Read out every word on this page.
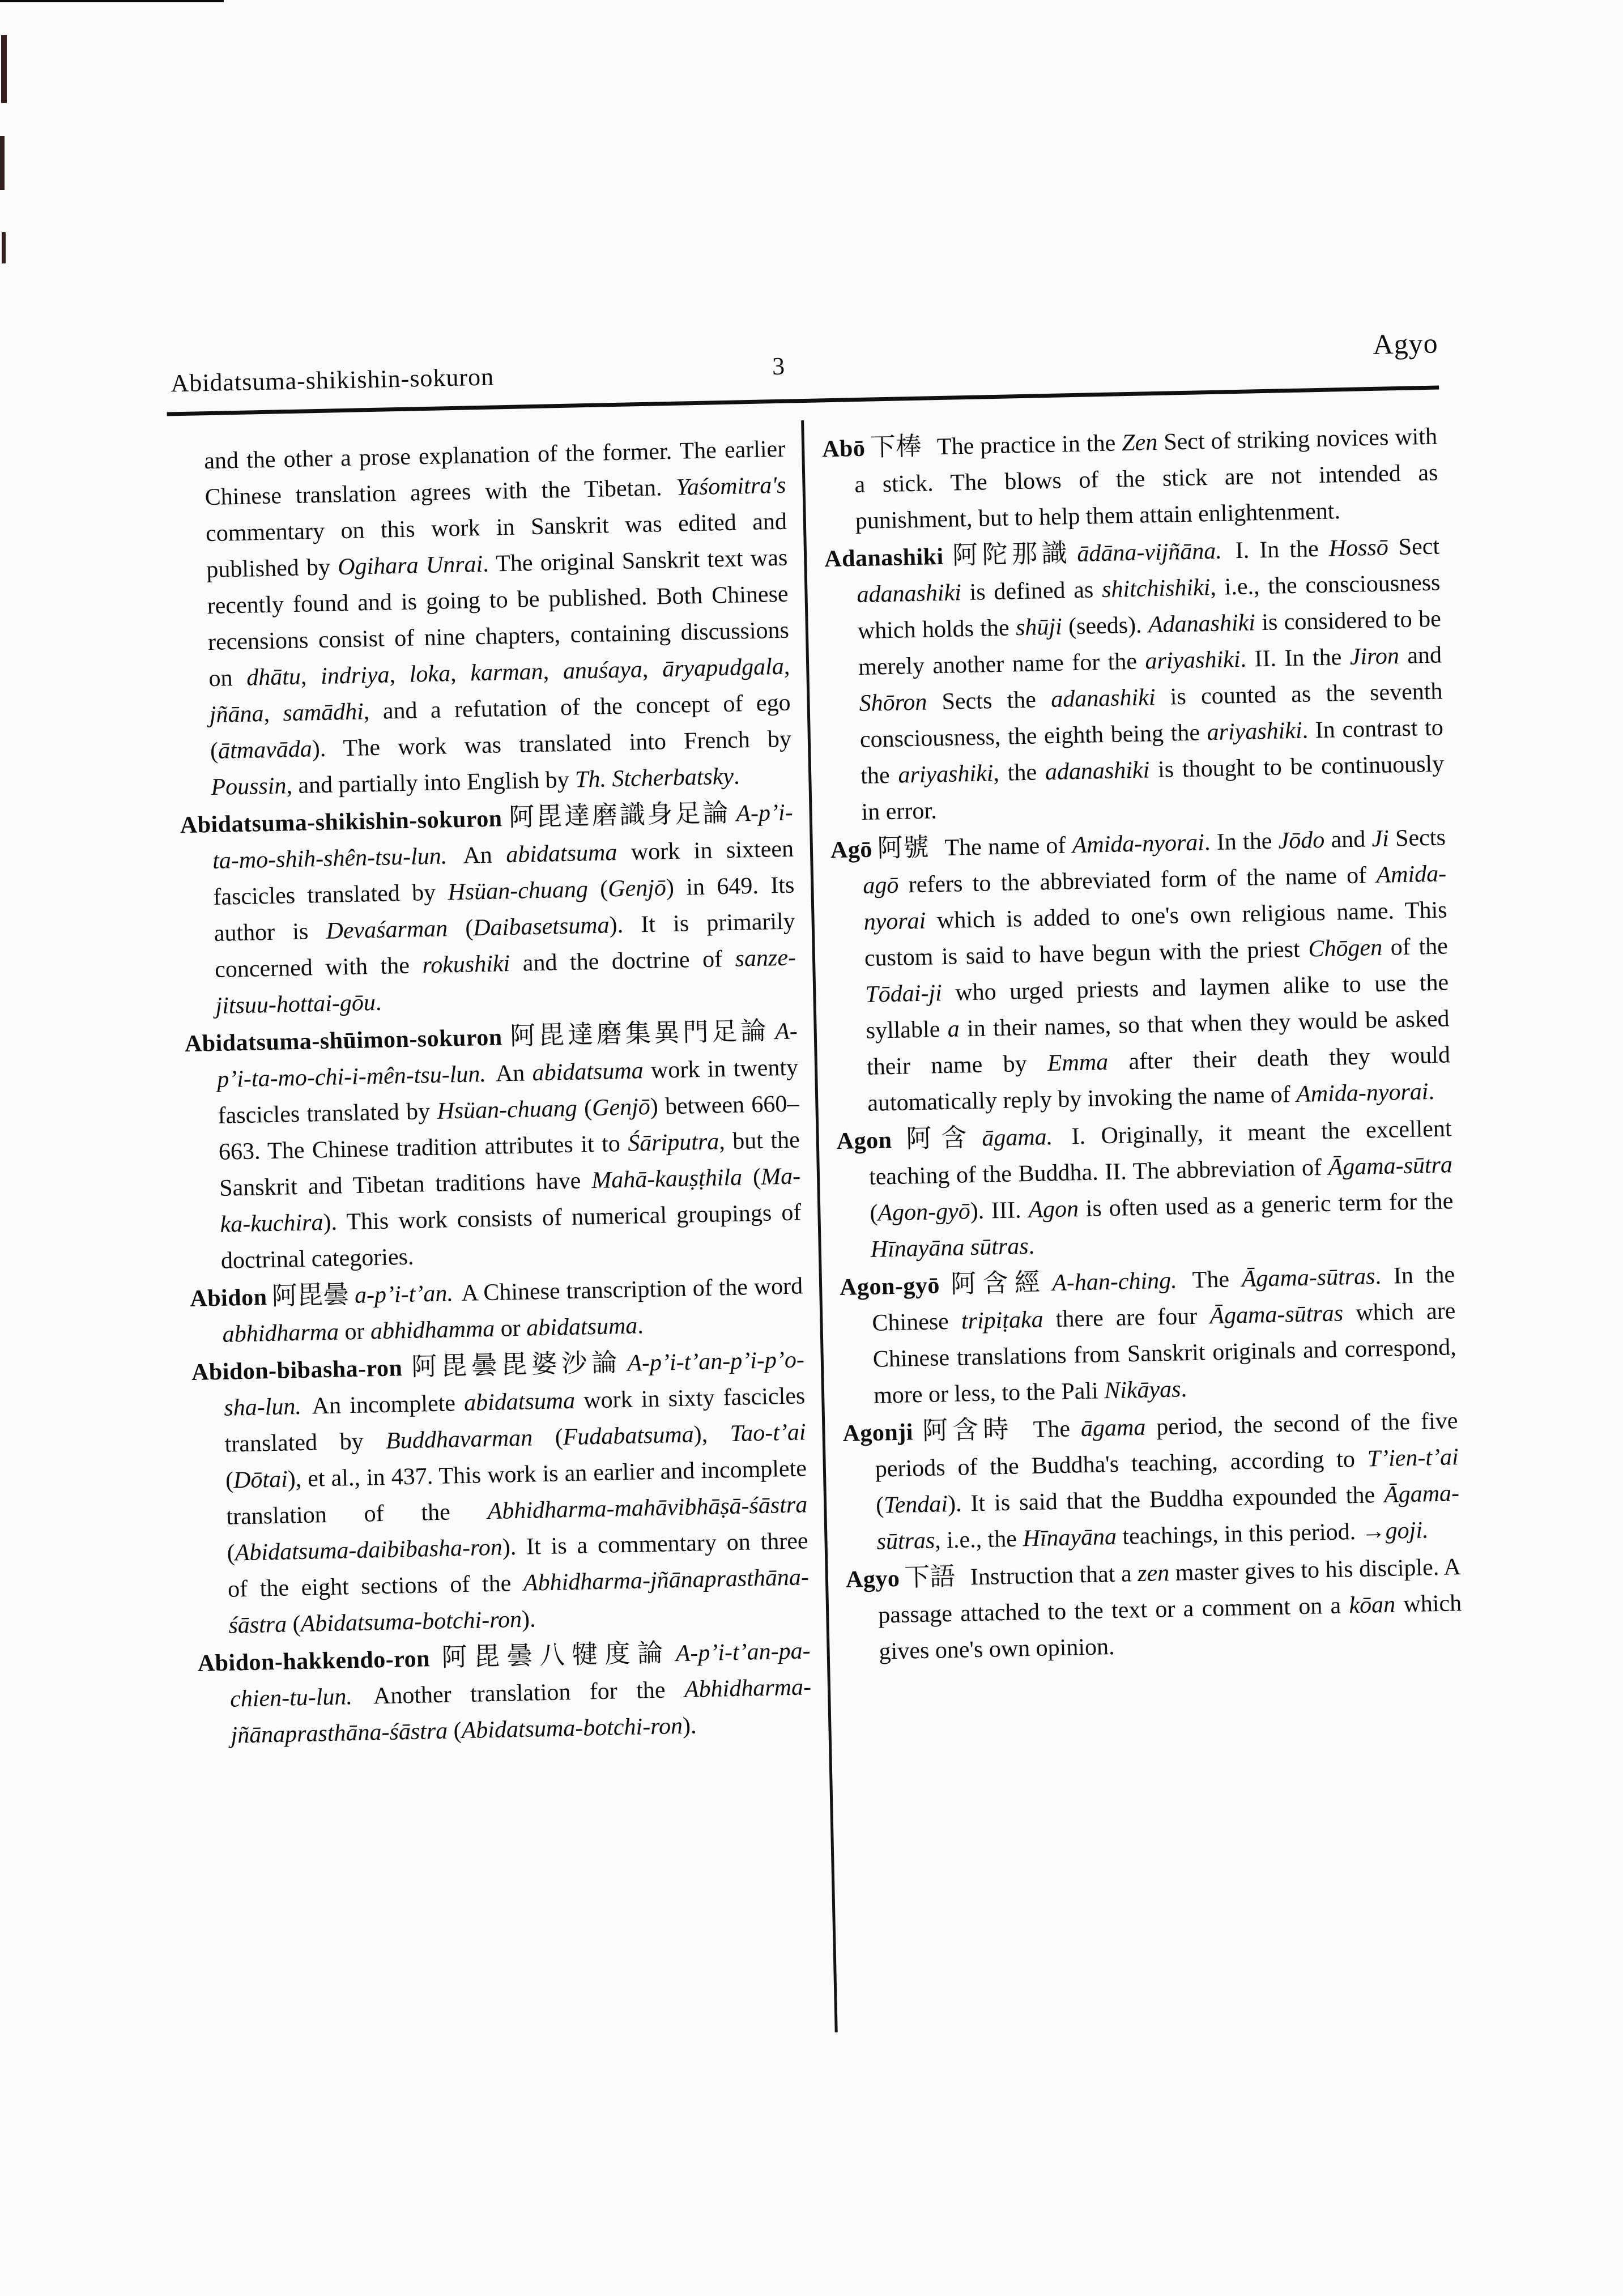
Abidatsuma-shikishin-sokuron	3
Agyo

and the other a prose explanation of the former. The earlier Chinese translation agrees with the Tibetan. Yaśomitra's commentary on this work in Sanskrit was edited and published by Ogihara Unrai. The original Sanskrit text was recently found and is going to be published. Both Chinese recensions consist of nine chapters, containing discussions on dhātu, indriya, loka, karman, anuśaya, āryapudgala, jñāna, samādhi, and a refutation of the concept of ego (ātmavāda). The work was translated into French by Poussin, and partially into English by Th. Stcherbatsky.

Abidatsuma-shikishin-sokuron 阿毘達磨識身足論 A-p’i-ta-mo-shih-shên-tsu-lun. An abidatsuma work in sixteen fascicles translated by Hsüan-chuang (Genjō) in 649. Its author is Devaśarman (Daibasetsuma). It is primarily concerned with the rokushiki and the doctrine of sanze-jitsuu-hottai-gōu.

Abidatsuma-shūimon-sokuron 阿毘達磨集異門足論 A-p’i-ta-mo-chi-i-mên-tsu-lun. An abidatsuma work in twenty fascicles translated by Hsüan-chuang (Genjō) between 660–663. The Chinese tradition attributes it to Śāriputra, but the Sanskrit and Tibetan traditions have Mahā-kauṣṭhila (Ma-ka-kuchira). This work consists of numerical groupings of doctrinal categories.

Abidon 阿毘曇 a-p’i-t’an. A Chinese transcription of the word abhidharma or abhidhamma or abidatsuma.

Abidon-bibasha-ron 阿毘曇毘婆沙論 A-p’i-t’an-p’i-p’o-sha-lun. An incomplete abidatsuma work in sixty fascicles translated by Buddhavarman (Fudabatsuma), Tao-t’ai (Dōtai), et al., in 437. This work is an earlier and incomplete translation of the Abhidharma-mahāvibhāṣā-śāstra (Abidatsuma-daibibasha-ron). It is a commentary on three of the eight sections of the Abhidharma-jñānaprasthāna-śāstra (Abidatsuma-botchi-ron).

Abidon-hakkendo-ron 阿毘曇八犍度論 A-p’i-t’an-pa-chien-tu-lun. Another translation for the Abhidharma-jñānaprasthāna-śāstra (Abidatsuma-botchi-ron).

Abō 下棒 The practice in the Zen Sect of striking novices with a stick. The blows of the stick are not intended as punishment, but to help them attain enlightenment.

Adanashiki 阿陀那識 ādāna-vijñāna. I. In the Hossō Sect adanashiki is defined as shitchishiki, i.e., the consciousness which holds the shūji (seeds). Adanashiki is considered to be merely another name for the ariyashiki. II. In the Jiron and Shōron Sects the adanashiki is counted as the seventh consciousness, the eighth being the ariyashiki. In contrast to the ariyashiki, the adanashiki is thought to be continuously in error.

Agō 阿號 The name of Amida-nyorai. In the Jōdo and Ji Sects agō refers to the abbreviated form of the name of Amida-nyorai which is added to one's own religious name. This custom is said to have begun with the priest Chōgen of the Tōdai-ji who urged priests and laymen alike to use the syllable a in their names, so that when they would be asked their name by Emma after their death they would automatically reply by invoking the name of Amida-nyorai.

Agon 阿含 āgama. I. Originally, it meant the excellent teaching of the Buddha. II. The abbreviation of Āgama-sūtra (Agon-gyō). III. Agon is often used as a generic term for the Hīnayāna sūtras.

Agon-gyō 阿含經 A-han-ching. The Āgama-sūtras. In the Chinese tripiṭaka there are four Āgama-sūtras which are Chinese translations from Sanskrit originals and correspond, more or less, to the Pali Nikāyas.

Agonji 阿含時 The āgama period, the second of the five periods of the Buddha's teaching, according to T’ien-t’ai (Tendai). It is said that the Buddha expounded the Āgama-sūtras, i.e., the Hīnayāna teachings, in this period. →goji.

Agyo 下語 Instruction that a zen master gives to his disciple. A passage attached to the text or a comment on a kōan which gives one's own opinion.
